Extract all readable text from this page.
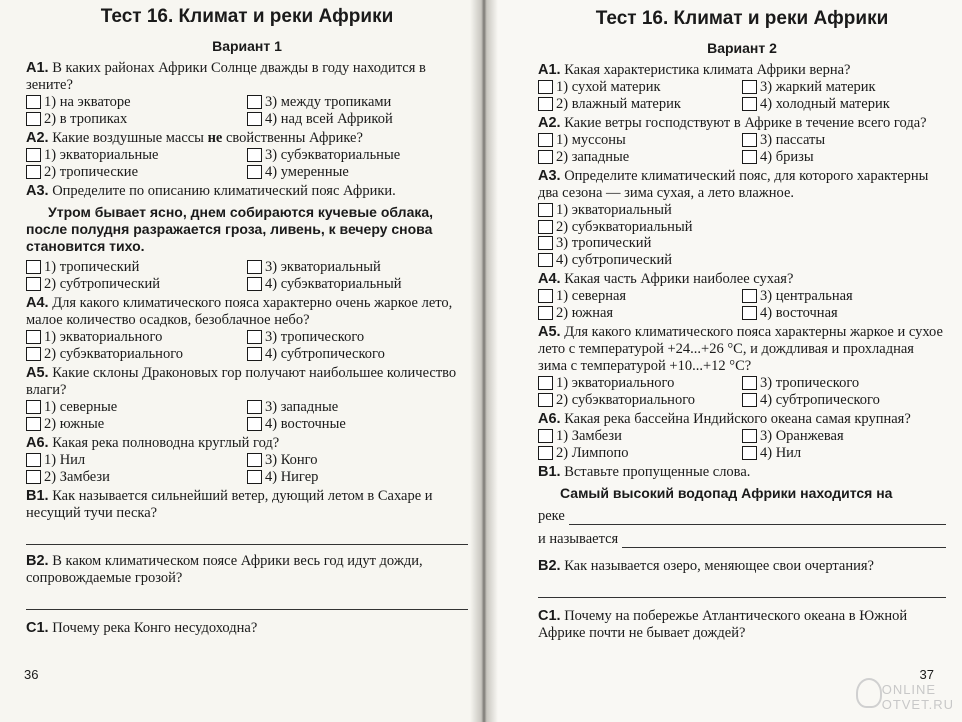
Тест 16. Климат и реки Африки
Вариант 1
А1. В каких районах Африки Солнце дважды в году находится в зените?
1) на экваторе	3) между тропиками
2) в тропиках	4) над всей Африкой
А2. Какие воздушные массы не свойственны Африке?
1) экваториальные	3) субэкваториальные
2) тропические	4) умеренные
А3. Определите по описанию климатический пояс Африки.
Утром бывает ясно, днем собираются кучевые облака, после полудня разражается гроза, ливень, к вечеру снова становится тихо.
1) тропический	3) экваториальный
2) субтропический	4) субэкваториальный
А4. Для какого климатического пояса характерно очень жаркое лето, малое количество осадков, безоблачное небо?
1) экваториального	3) тропического
2) субэкваториального	4) субтропического
А5. Какие склоны Драконовых гор получают наибольшее количество влаги?
1) северные	3) западные
2) южные	4) восточные
А6. Какая река полноводна круглый год?
1) Нил	3) Конго
2) Замбези	4) Нигер
В1. Как называется сильнейший ветер, дующий летом в Сахаре и несущий тучи песка?
В2. В каком климатическом поясе Африки весь год идут дожди, сопровождаемые грозой?
С1. Почему река Конго несудоходна?
36
Тест 16. Климат и реки Африки
Вариант 2
А1. Какая характеристика климата Африки верна?
1) сухой материк	3) жаркий материк
2) влажный материк	4) холодный материк
А2. Какие ветры господствуют в Африке в течение всего года?
1) муссоны	3) пассаты
2) западные	4) бризы
А3. Определите климатический пояс, для которого характерны два сезона — зима сухая, а лето влажное.
1) экваториальный
2) субэкваториальный
3) тропический
4) субтропический
А4. Какая часть Африки наиболее сухая?
1) северная	3) центральная
2) южная	4) восточная
А5. Для какого климатического пояса характерны жаркое и сухое лето с температурой +24...+26 °С, и дождливая и прохладная зима с температурой +10...+12 °С?
1) экваториального	3) тропического
2) субэкваториального	4) субтропического
А6. Какая река бассейна Индийского океана самая крупная?
1) Замбези	3) Оранжевая
2) Лимпопо	4) Нил
В1. Вставьте пропущенные слова.
Самый высокий водопад Африки находится на
реке
и называется
В2. Как называется озеро, меняющее свои очертания?
С1. Почему на побережье Атлантического океана в Южной Африке почти не бывает дождей?
37
ONLINE
OTVET.RU
